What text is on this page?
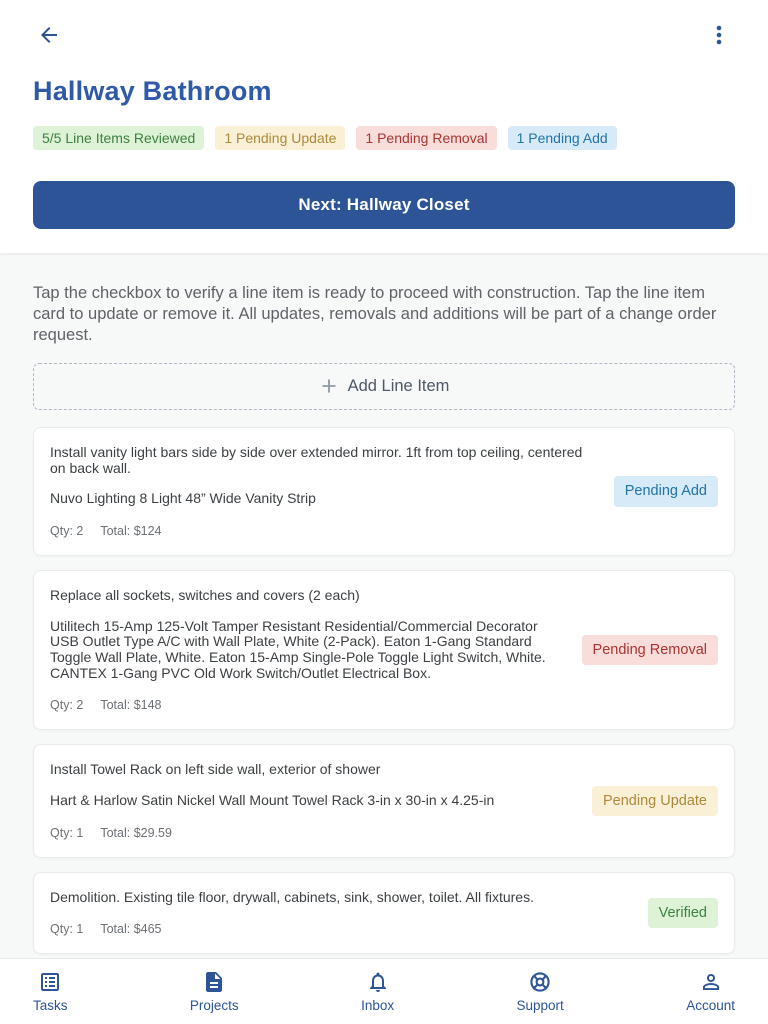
Hallway Bathroom
5/5 Line Items Reviewed	1 Pending Update	1 Pending Removal	1 Pending Add
Next: Hallway Closet

Tap the checkbox to verify a line item is ready to proceed with construction. Tap the line item card to update or remove it. All updates, removals and additions will be part of a change order request.

Add Line Item

Install vanity light bars side by side over extended mirror. 1ft from top ceiling, centered on back wall.

Nuvo Lighting 8 Light 48” Wide Vanity Strip

Qty: 2 Total: $124

Pending Add

Replace all sockets, switches and covers (2 each)

Utilitech 15-Amp 125-Volt Tamper Resistant Residential/Commercial Decorator USB Outlet Type A/C with Wall Plate, White (2-Pack). Eaton 1-Gang Standard Toggle Wall Plate, White. Eaton 15-Amp Single-Pole Toggle Light Switch, White. CANTEX 1-Gang PVC Old Work Switch/Outlet Electrical Box.

Qty: 2 Total: $148

Pending Removal

Install Towel Rack on left side wall, exterior of shower

Hart & Harlow Satin Nickel Wall Mount Towel Rack 3-in x 30-in x 4.25-in

Qty: 1 Total: $29.59

Pending Update

Demolition. Existing tile floor, drywall, cabinets, sink, shower, toilet. All fixtures.

Qty: 1 Total: $465

Verified
Tasks	Projects	Inbox	Support	Account
